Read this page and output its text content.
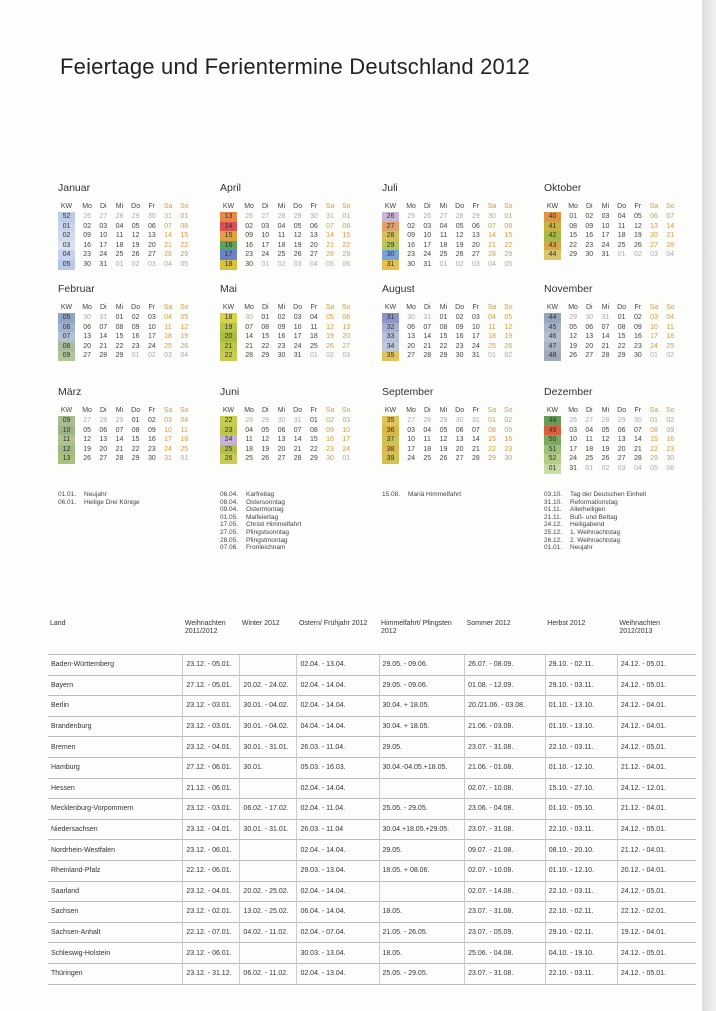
Feiertage und Ferientermine Deutschland 2012
Januar
KW	Mo	Di	Mi	Do	Fr	Sa	So
52	26	27	28	29	30	31	01
01	02	03	04	05	06	07	08
02	09	10	11	12	13	14	15
03	16	17	18	19	20	21	22
04	23	24	25	26	27	28	29
05	30	31	01	02	03	04	05
April
KW	Mo	Di	Mi	Do	Fr	Sa	So
13	26	27	28	29	30	31	01
14	02	03	04	05	06	07	08
15	09	10	11	12	13	14	15
16	16	17	18	19	20	21	22
17	23	24	25	26	27	28	29
18	30	01	02	03	04	05	06
Juli
KW	Mo	Di	Mi	Do	Fr	Sa	So
26	25	26	27	28	29	30	01
27	02	03	04	05	06	07	08
28	09	10	11	12	13	14	15
29	16	17	18	19	20	21	22
30	23	24	25	26	27	28	29
31	30	31	01	02	03	04	05
Oktober
KW	Mo	Di	Mi	Do	Fr	Sa	So
40	01	02	03	04	05	06	07
41	08	09	10	11	12	13	14
42	15	16	17	18	19	20	21
43	22	23	24	25	26	27	28
44	29	30	31	01	02	03	04
Februar
KW	Mo	Di	Mi	Do	Fr	Sa	So
05	30	31	01	02	03	04	05
06	06	07	08	09	10	11	12
07	13	14	15	16	17	18	19
08	20	21	22	23	24	25	26
09	27	28	29	01	02	03	04
Mai
KW	Mo	Di	Mi	Do	Fr	Sa	So
18	30	01	02	03	04	05	06
19	07	08	09	10	11	12	13
20	14	15	16	17	18	19	20
21	21	22	23	24	25	26	27
22	28	29	30	31	01	02	03
August
KW	Mo	Di	Mi	Do	Fr	Sa	So
31	30	31	01	02	03	04	05
32	06	07	08	09	10	11	12
33	13	14	15	16	17	18	19
34	20	21	22	23	24	25	26
35	27	28	29	30	31	01	02
November
KW	Mo	Di	Mi	Do	Fr	Sa	So
44	29	30	31	01	02	03	04
45	05	06	07	08	09	10	11
46	12	13	14	15	16	17	18
47	19	20	21	22	23	24	25
48	26	27	28	29	30	01	02
März
KW	Mo	Di	Mi	Do	Fr	Sa	So
09	27	28	29	01	02	03	04
10	05	06	07	08	09	10	11
11	12	13	14	15	16	17	18
12	19	20	21	22	23	24	25
13	26	27	28	29	30	31	01
Juni
KW	Mo	Di	Mi	Do	Fr	Sa	So
22	28	29	30	31	01	02	03
23	04	05	06	07	08	09	10
24	11	12	13	14	15	16	17
25	18	19	20	21	22	23	24
26	25	26	27	28	29	30	01
September
KW	Mo	Di	Mi	Do	Fr	Sa	So
35	27	28	29	30	31	01	02
36	03	04	05	06	07	08	09
37	10	11	12	13	14	15	16
38	17	18	19	20	21	22	23
39	24	25	26	27	28	29	30
Dezember
KW	Mo	Di	Mi	Do	Fr	Sa	So
48	26	27	28	29	30	01	02
49	03	04	05	06	07	08	09
50	10	11	12	13	14	15	16
51	17	18	19	20	21	22	23
52	24	25	26	27	28	29	30
01	31	01	02	03	04	05	06
01.01.	Neujahr
06.01.	Heilige Drei Könige
06.04.	Karfreitag
08.04.	Ostersonntag
09.04.	Ostermontag
01.05.	Maifeiertag
17.05.	Christi Himmelfahrt
27.05.	Pfingstsonntag
28.05.	Pfingstmontag
07.06.	Fronleichnam
15.08.	Mariä Himmelfahrt	03.10.	Tag der Deutschen Einheit
31.10.	Reformationstag
01.11.	Allerheiligen
21.11.	Buß- und Bettag
24.12.	Heiligabend
25.12.	1. Weihnachtstag
26.12.	2. Weihnachtstag
01.01.	Neujahr
Land	Weihnachten 2011/2012	Winter 2012	Ostern/ Frühjahr 2012	Himmelfahrt/ Pfingsten 2012	Sommer 2012	Herbst 2012	Weihnachten 2012/2013
Baden-Württemberg	23.12. - 05.01.		02.04. - 13.04.	29.05. - 09.06.	26.07. - 08.09.	29.10. - 02.11.	24.12. - 05.01.
Bayern	27.12. - 05.01.	20.02. - 24.02.	02.04. - 14.04.	29.05. - 09.06.	01.08. - 12.09.	29.10. - 03.11.	24.12. - 05.01.
Berlin	23.12. - 03.01.	30.01. - 04.02.	02.04. - 14.04.	30.04. + 18.05.	20./21.06. - 03.08.	01.10. - 13.10.	24.12. - 04.01.
Brandenburg	23.12. - 03.01.	30.01. - 04.02.	04.04. - 14.04.	30.04. + 18.05.	21.06. - 03.08.	01.10. - 13.10.	24.12. - 04.01.
Bremen	23.12. - 04.01.	30.01. - 31.01.	26.03. - 11.04.	29.05.	23.07. - 31.08.	22.10. - 03.11.	24.12. - 05.01.
Hamburg	27.12. - 06.01.	30.01.	05.03. - 16.03.	30.04.-04.05.+18.05.	21.06. - 01.08.	01.10. - 12.10.	21.12. - 04.01.
Hessen	21.12. - 06.01.		02.04. - 14.04.		02.07. - 10.08.	15.10. - 27.10.	24.12. - 12.01.
Mecklenburg-Vorpommern	23.12. - 03.01.	06.02. - 17.02.	02.04. - 11.04.	25.05. - 29.05.	23.06. - 04.08.	01.10. - 05.10.	21.12. - 04.01.
Niedersachsen	23.12. - 04.01.	30.01. - 31.01.	26.03. - 11.04	30.04.+18.05.+29.05.	23.07. - 31.08.	22.10. - 03.11.	24.12. - 05.01.
Nordrhein-Westfalen	23.12. - 06.01.		02.04. - 14.04.	29.05.	09.07. - 21.08.	08.10. - 20.10.	21.12. - 04.01.
Rheinland-Pfalz	22.12. - 06.01.		29.03. - 13.04.	18.05. + 08.06.	02.07. - 10.08.	01.10. - 12.10.	20.12. - 04.01.
Saarland	23.12. - 04.01.	20.02. - 25.02.	02.04. - 14.04.		02.07. - 14.08.	22.10. - 03.11.	24.12. - 05.01.
Sachsen	23.12. - 02.01.	13.02. - 25.02.	06.04. - 14.04.	18.05.	23.07. - 31.08.	22.10. - 02.11.	22.12. - 02.01.
Sachsen-Anhalt	22.12. - 07.01.	04.02. - 11.02.	02.04. - 07.04.	21.05. - 26.05.	23.07. - 05.09.	29.10. - 02.11.	19.12. - 04.01.
Schleswig-Holstein	23.12. - 06.01.		30.03. - 13.04.	18.05.	25.06. - 04.08.	04.10. - 19.10.	24.12. - 05.01.
Thüringen	23.12. - 31.12.	06.02. - 11.02.	02.04. - 13.04.	25.05. - 29.05.	23.07. - 31.08.	22.10. - 03.11.	24.12. - 05.01.
